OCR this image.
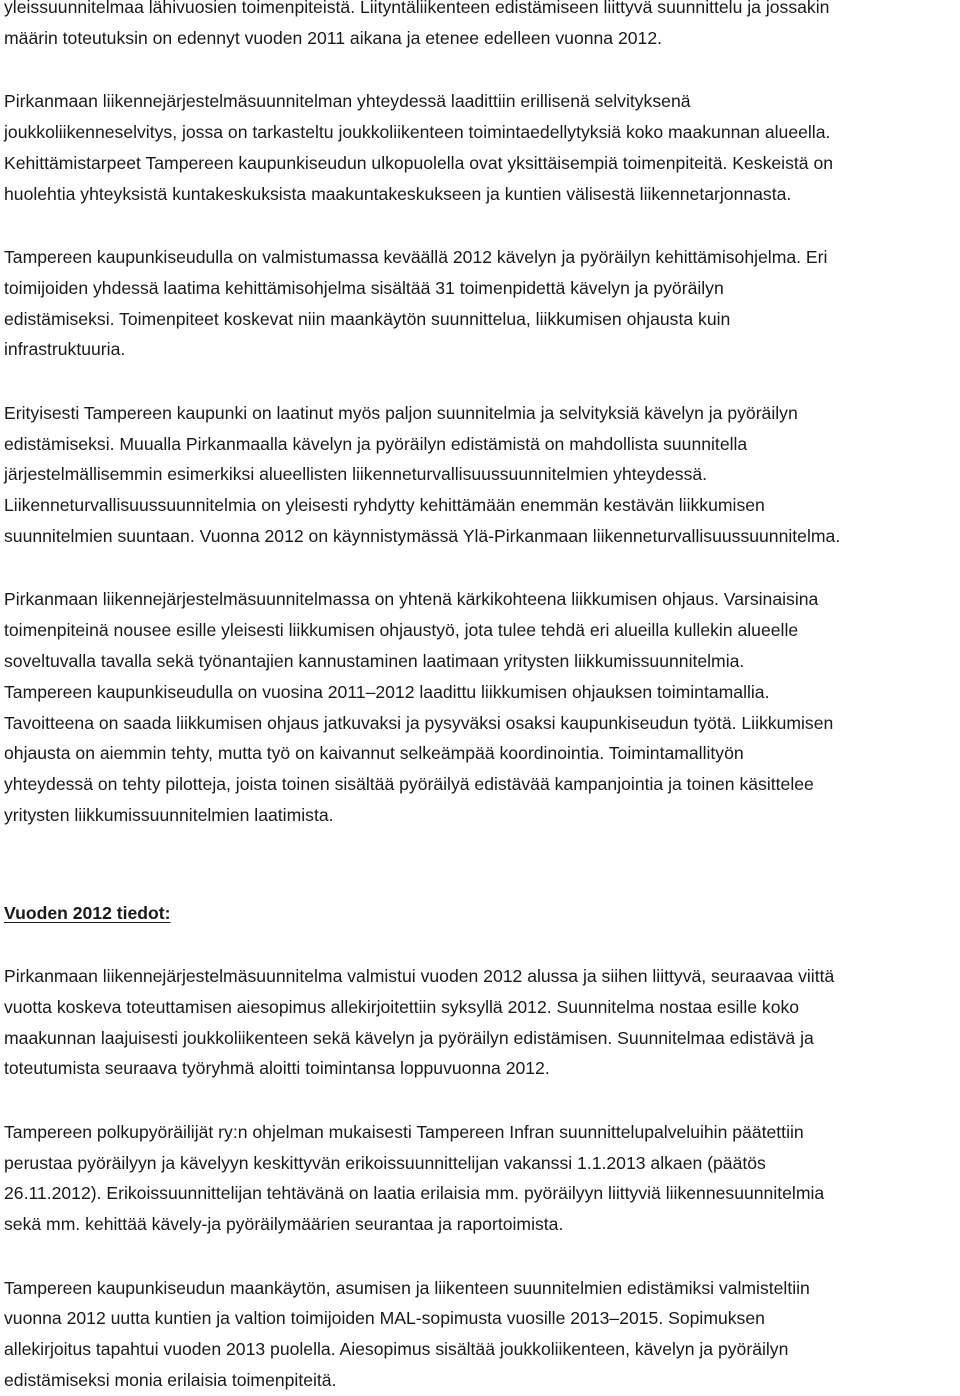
yleissuunnitelmaa lähivuosien toimenpiteistä. Liityntäliikenteen edistämiseen liittyvä suunnittelu ja jossakin
määrin toteutuksin on edennyt vuoden 2011 aikana ja etenee edelleen vuonna 2012.
Pirkanmaan liikennejärjestelmäsuunnitelman yhteydessä laadittiin erillisenä selvityksenä
joukkoliikenneselvitys, jossa on tarkasteltu joukkoliikenteen toimintaedellytyksiä koko maakunnan alueella.
Kehittämistarpeet Tampereen kaupunkiseudun ulkopuolella ovat yksittäisempiä toimenpiteitä. Keskeistä on
huolehtia yhteyksistä kuntakeskuksista maakuntakeskukseen ja kuntien välisestä liikennetarjonnasta.
Tampereen kaupunkiseudulla on valmistumassa keväällä 2012 kävelyn ja pyöräilyn kehittämisohjelma. Eri
toimijoiden yhdessä laatima kehittämisohjelma sisältää 31 toimenpidettä kävelyn ja pyöräilyn
edistämiseksi. Toimenpiteet koskevat niin maankäytön suunnittelua, liikkumisen ohjausta kuin
infrastruktuuria.
Erityisesti Tampereen kaupunki on laatinut myös paljon suunnitelmia ja selvityksiä kävelyn ja pyöräilyn
edistämiseksi. Muualla Pirkanmaalla kävelyn ja pyöräilyn edistämistä on mahdollista suunnitella
järjestelmällisemmin esimerkiksi alueellisten liikenneturvallisuussuunnitelmien yhteydessä.
Liikenneturvallisuussuunnitelmia on yleisesti ryhdytty kehittämään enemmän kestävän liikkumisen
suunnitelmien suuntaan. Vuonna 2012 on käynnistymässä Ylä-Pirkanmaan liikenneturvallisuussuunnitelma.
Pirkanmaan liikennejärjestelmäsuunnitelmassa on yhtenä kärkikohteena liikkumisen ohjaus. Varsinaisina
toimenpiteinä nousee esille yleisesti liikkumisen ohjaustyö, jota tulee tehdä eri alueilla kullekin alueelle
soveltuvalla tavalla sekä työnantajien kannustaminen laatimaan yritysten liikkumissuunnitelmia.
Tampereen kaupunkiseudulla on vuosina 2011–2012 laadittu liikkumisen ohjauksen toimintamallia.
Tavoitteena on saada liikkumisen ohjaus jatkuvaksi ja pysyväksi osaksi kaupunkiseudun työtä. Liikkumisen
ohjausta on aiemmin tehty, mutta työ on kaivannut selkeämpää koordinointia. Toimintamallityön
yhteydessä on tehty pilotteja, joista toinen sisältää pyöräilyä edistävää kampanjointia ja toinen käsittelee
yritysten liikkumissuunnitelmien laatimista.
Vuoden 2012 tiedot:
Pirkanmaan liikennejärjestelmäsuunnitelma valmistui vuoden 2012 alussa ja siihen liittyvä, seuraavaa viittä
vuotta koskeva toteuttamisen aiesopimus allekirjoitettiin syksyllä 2012. Suunnitelma nostaa esille koko
maakunnan laajuisesti joukkoliikenteen sekä kävelyn ja pyöräilyn edistämisen. Suunnitelmaa edistävä ja
toteutumista seuraava työryhmä aloitti toimintansa loppuvuonna 2012.
Tampereen polkupyöräilijät ry:n ohjelman mukaisesti Tampereen Infran suunnittelupalveluihin päätettiin
perustaa pyöräilyyn ja kävelyyn keskittyvän erikoissuunnittelijan vakanssi 1.1.2013 alkaen (päätös
26.11.2012). Erikoissuunnittelijan tehtävänä on laatia erilaisia mm. pyöräilyyn liittyviä liikennesuunnitelmia
sekä mm. kehittää kävely-ja pyöräilymäärien seurantaa ja raportoimista.
Tampereen kaupunkiseudun maankäytön, asumisen ja liikenteen suunnitelmien edistämiksi valmisteltiin
vuonna 2012 uutta kuntien ja valtion toimijoiden MAL-sopimusta vuosille 2013–2015. Sopimuksen
allekirjoitus tapahtui vuoden 2013 puolella. Aiesopimus sisältää joukkoliikenteen, kävelyn ja pyöräilyn
edistämiseksi monia erilaisia toimenpiteitä.
